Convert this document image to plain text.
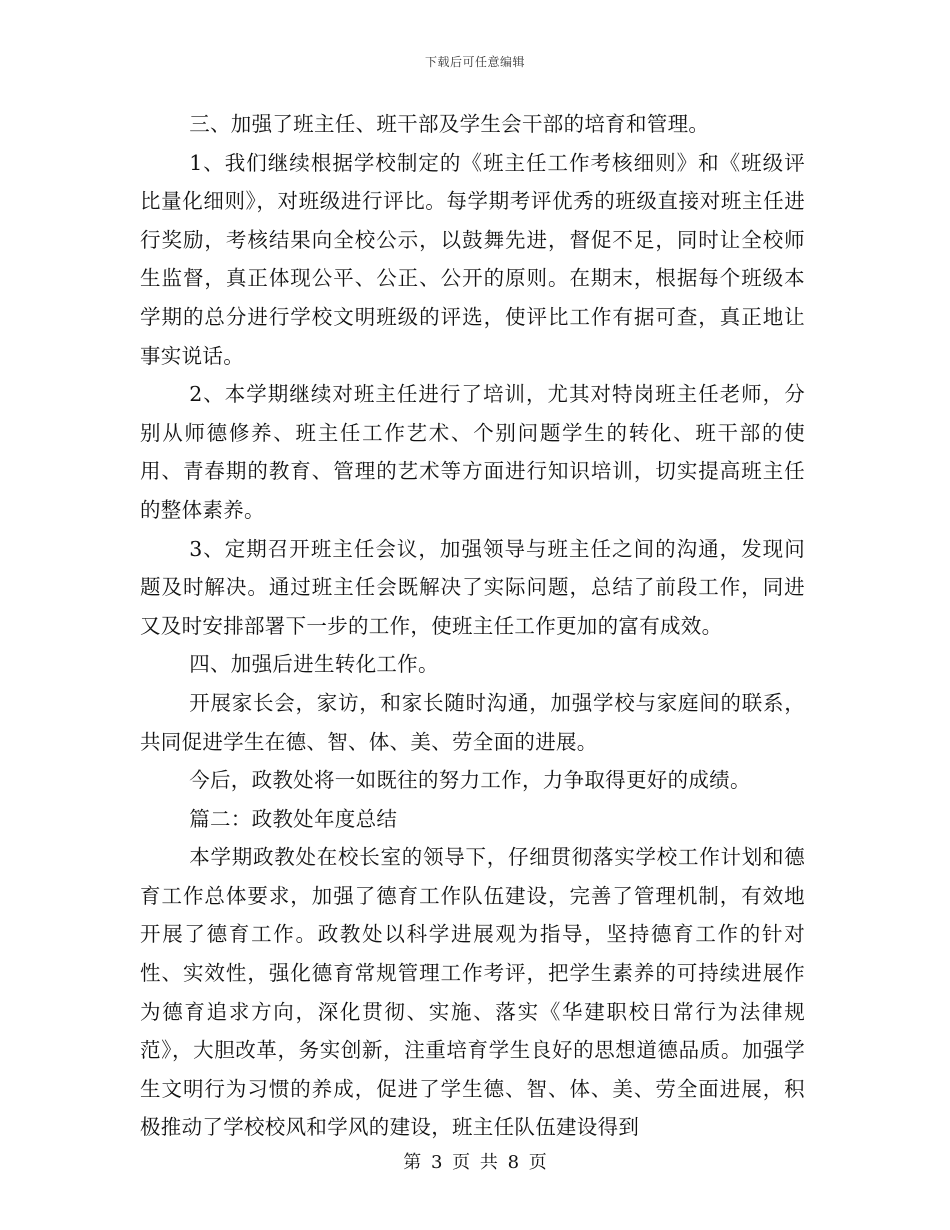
下载后可任意编辑

三、加强了班主任、班干部及学生会干部的培育和管理。

1、我们继续根据学校制定的《班主任工作考核细则》和《班级评比量化细则》，对班级进行评比。每学期考评优秀的班级直接对班主任进行奖励，考核结果向全校公示，以鼓舞先进，督促不足，同时让全校师生监督，真正体现公平、公正、公开的原则。在期末，根据每个班级本学期的总分进行学校文明班级的评选，使评比工作有据可查，真正地让事实说话。

2、本学期继续对班主任进行了培训，尤其对特岗班主任老师，分别从师德修养、班主任工作艺术、个别问题学生的转化、班干部的使用、青春期的教育、管理的艺术等方面进行知识培训，切实提高班主任的整体素养。

3、定期召开班主任会议，加强领导与班主任之间的沟通，发现问题及时解决。通过班主任会既解决了实际问题，总结了前段工作，同进又及时安排部署下一步的工作，使班主任工作更加的富有成效。

四、加强后进生转化工作。

开展家长会，家访，和家长随时沟通，加强学校与家庭间的联系，共同促进学生在德、智、体、美、劳全面的进展。

今后，政教处将一如既往的努力工作，力争取得更好的成绩。

篇二：政教处年度总结

本学期政教处在校长室的领导下，仔细贯彻落实学校工作计划和德育工作总体要求，加强了德育工作队伍建设，完善了管理机制，有效地开展了德育工作。政教处以科学进展观为指导，坚持德育工作的针对性、实效性，强化德育常规管理工作考评，把学生素养的可持续进展作为德育追求方向，深化贯彻、实施、落实《华建职校日常行为法律规范》，大胆改革，务实创新，注重培育学生良好的思想道德品质。加强学生文明行为习惯的养成，促进了学生德、智、体、美、劳全面进展，积极推动了学校校风和学风的建设，班主任队伍建设得到

第 3 页 共 8 页
